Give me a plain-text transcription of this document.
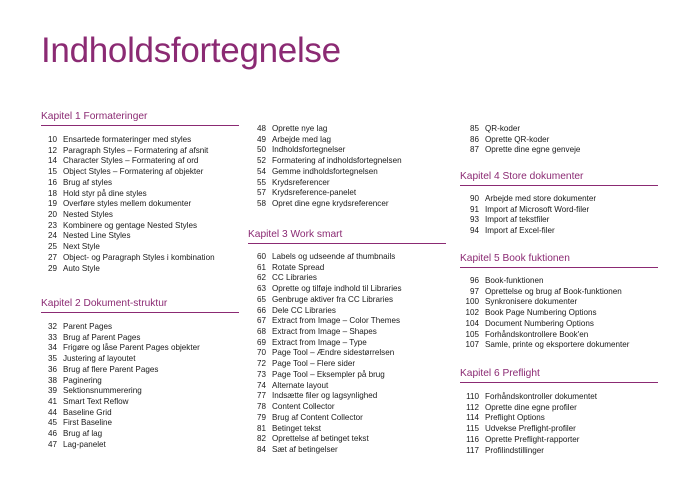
Indholdsfortegnelse
Kapitel 1 Formateringer
10 Ensartede formateringer med styles
12 Paragraph Styles – Formatering af afsnit
14 Character Styles – Formatering af ord
15 Object Styles – Formatering af objekter
16 Brug af styles
18 Hold styr på dine styles
19 Overføre styles mellem dokumenter
20 Nested Styles
23 Kombinere og gentage Nested Styles
24 Nested Line Styles
25 Next Style
27 Object- og Paragraph Styles i kombination
29 Auto Style
Kapitel 2 Dokument-struktur
32 Parent Pages
33 Brug af Parent Pages
34 Frigøre og låse Parent Pages objekter
35 Justering af layoutet
36 Brug af flere Parent Pages
38 Paginering
39 Sektionsnummerering
41 Smart Text Reflow
44 Baseline Grid
45 First Baseline
46 Brug af lag
47 Lag-panelet
48 Oprette nye lag
49 Arbejde med lag
50 Indholdsfortegnelser
52 Formatering af indholdsfortegnelsen
54 Gemme indholdsfortegnelsen
55 Krydsreferencer
57 Krydsreference-panelet
58 Opret dine egne krydsreferencer
Kapitel 3 Work smart
60 Labels og udseende af thumbnails
61 Rotate Spread
62 CC Libraries
63 Oprette og tilføje indhold til Libraries
65 Genbruge aktiver fra CC Libraries
66 Dele CC Libraries
67 Extract from Image – Color Themes
68 Extract from Image – Shapes
69 Extract from Image – Type
70 Page Tool – Ændre sidestørrelsen
72 Page Tool – Flere sider
73 Page Tool – Eksempler på brug
74 Alternate layout
77 Indsætte filer og lagsynlighed
78 Content Collector
79 Brug af Content Collector
81 Betinget tekst
82 Oprettelse af betinget tekst
84 Sæt af betingelser
85 QR-koder
86 Oprette QR-koder
87 Oprette dine egne genveje
Kapitel 4 Store dokumenter
90 Arbejde med store dokumenter
91 Import af Microsoft Word-filer
93 Import af tekstfiler
94 Import af Excel-filer
Kapitel 5 Book fuktionen
96 Book-funktionen
97 Oprettelse og brug af Book-funktionen
100 Synkronisere dokumenter
102 Book Page Numbering Options
104 Document Numbering Options
105 Forhåndskontrollere Book'en
107 Samle, printe og eksportere dokumenter
Kapitel 6 Preflight
110 Forhåndskontroller dokumentet
112 Oprette dine egne profiler
114 Preflight Options
115 Udvekse Preflight-profiler
116 Oprette Preflight-rapporter
117 Profilindstillinger
